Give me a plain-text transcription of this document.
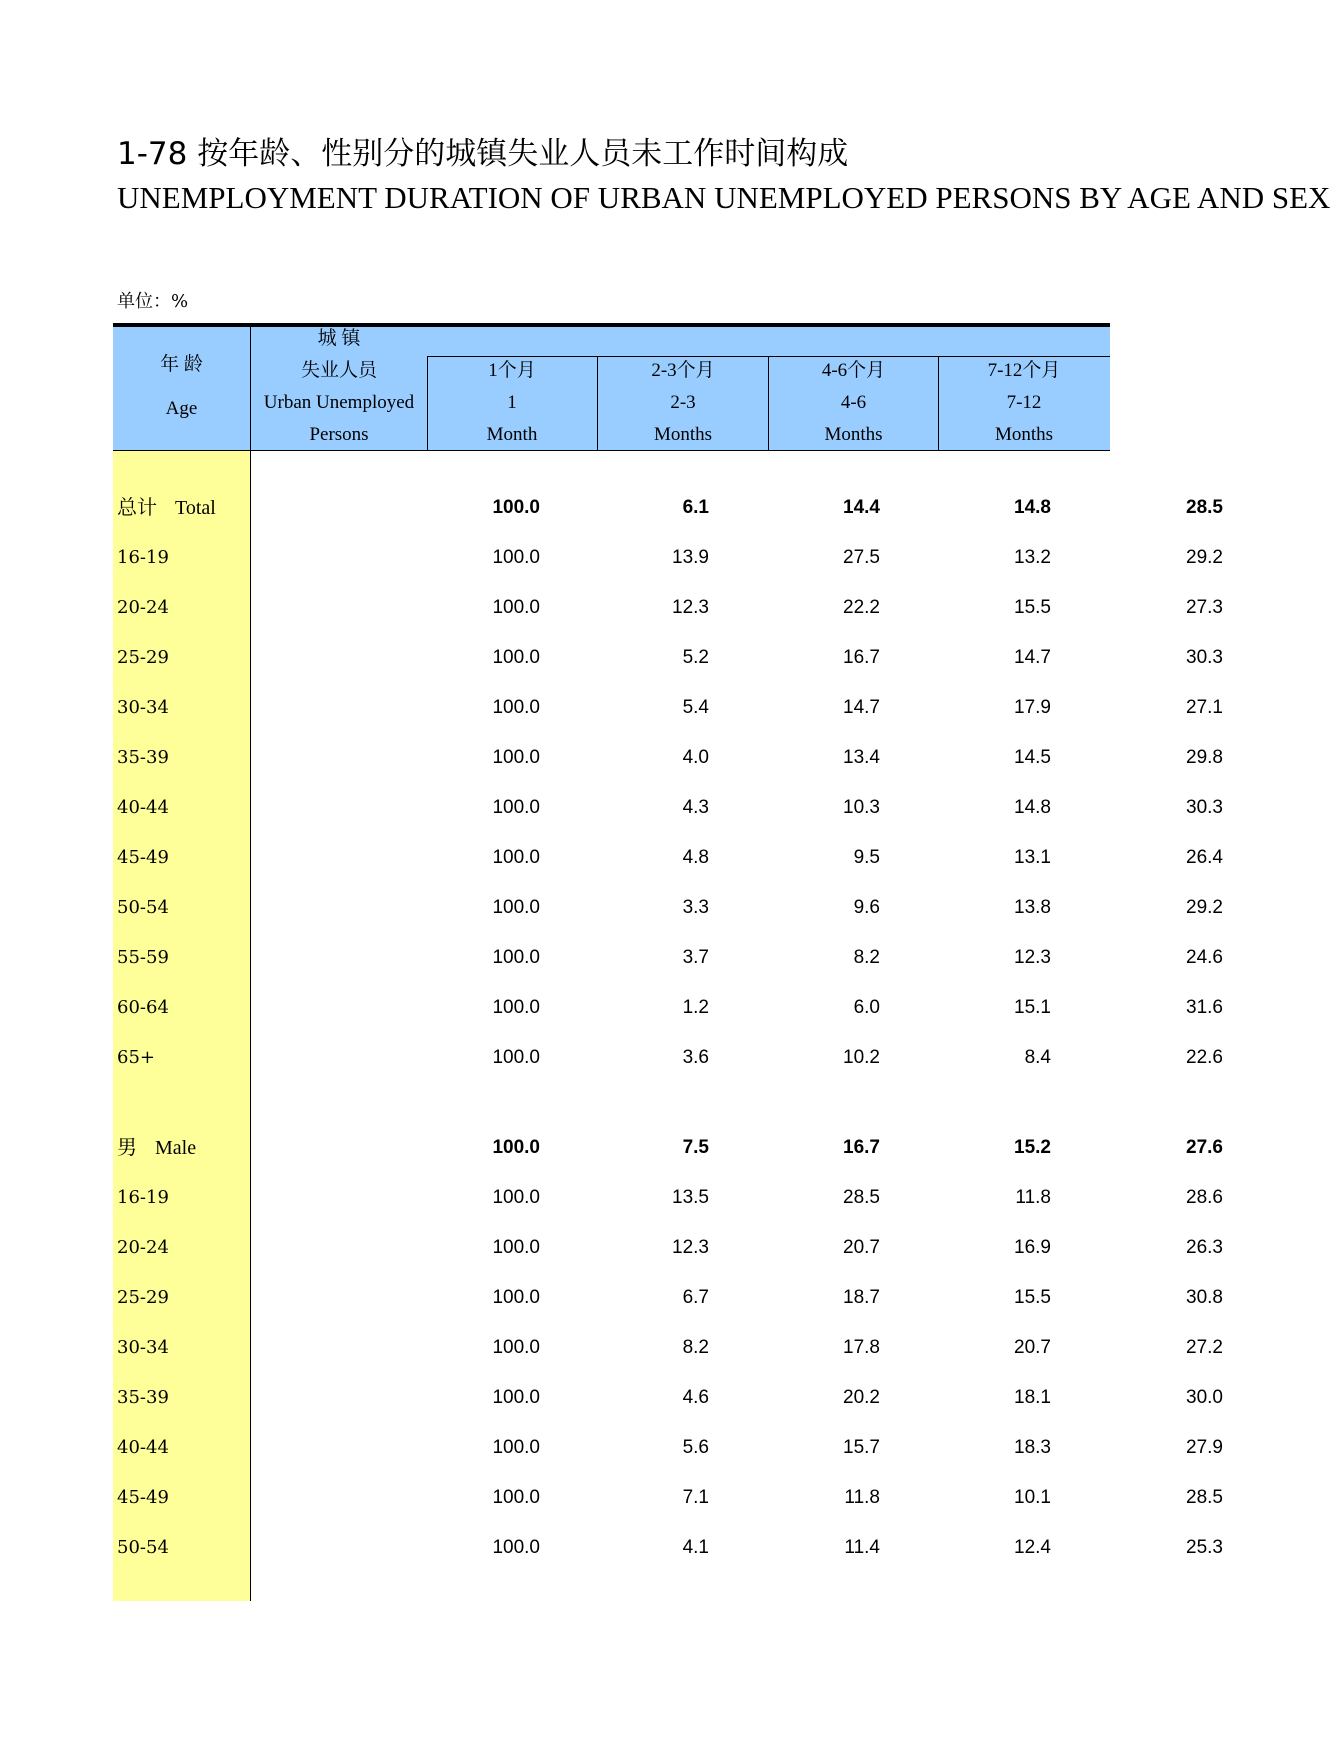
1-78 按年龄、性别分的城镇失业人员未工作时间构成
UNEMPLOYMENT DURATION OF URBAN UNEMPLOYED PERSONS BY AGE AND SEX
单位：%
年 龄
Age
城 镇
失业人员
Urban Unemployed
Persons
1个月
1
Month
2-3个月
2-3
Months
4-6个月
4-6
Months
7-12个月
7-12
Months
总计 Total	100.0	6.1	14.4	14.8	28.5
16-19	100.0	13.9	27.5	13.2	29.2
20-24	100.0	12.3	22.2	15.5	27.3
25-29	100.0	5.2	16.7	14.7	30.3
30-34	100.0	5.4	14.7	17.9	27.1
35-39	100.0	4.0	13.4	14.5	29.8
40-44	100.0	4.3	10.3	14.8	30.3
45-49	100.0	4.8	9.5	13.1	26.4
50-54	100.0	3.3	9.6	13.8	29.2
55-59	100.0	3.7	8.2	12.3	24.6
60-64	100.0	1.2	6.0	15.1	31.6
65+	100.0	3.6	10.2	8.4	22.6
男 Male	100.0	7.5	16.7	15.2	27.6
16-19	100.0	13.5	28.5	11.8	28.6
20-24	100.0	12.3	20.7	16.9	26.3
25-29	100.0	6.7	18.7	15.5	30.8
30-34	100.0	8.2	17.8	20.7	27.2
35-39	100.0	4.6	20.2	18.1	30.0
40-44	100.0	5.6	15.7	18.3	27.9
45-49	100.0	7.1	11.8	10.1	28.5
50-54	100.0	4.1	11.4	12.4	25.3
